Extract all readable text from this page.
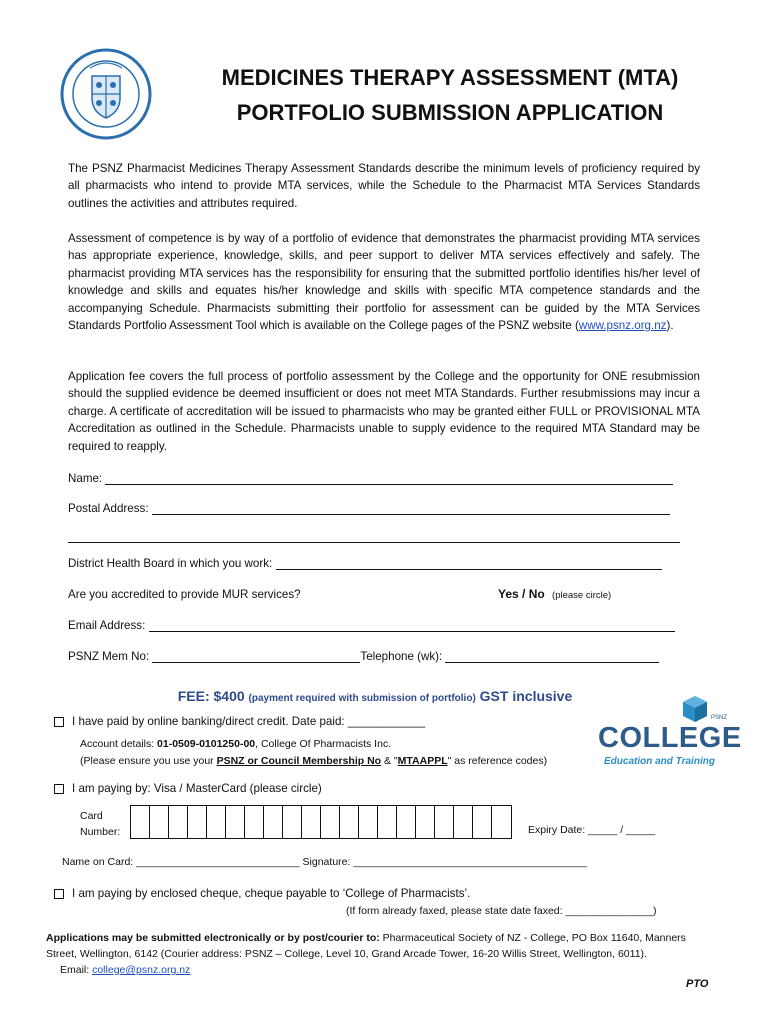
MEDICINES THERAPY ASSESSMENT (MTA)
PORTFOLIO SUBMISSION APPLICATION
The PSNZ Pharmacist Medicines Therapy Assessment Standards describe the minimum levels of proficiency required by all pharmacists who intend to provide MTA services, while the Schedule to the Pharmacist MTA Services Standards outlines the activities and attributes required.
Assessment of competence is by way of a portfolio of evidence that demonstrates the pharmacist providing MTA services has appropriate experience, knowledge, skills, and peer support to deliver MTA services effectively and safely. The pharmacist providing MTA services has the responsibility for ensuring that the submitted portfolio identifies his/her level of knowledge and skills and equates his/her knowledge and skills with specific MTA competence standards and the accompanying Schedule. Pharmacists submitting their portfolio for assessment can be guided by the MTA Services Standards Portfolio Assessment Tool which is available on the College pages of the PSNZ website (www.psnz.org.nz).
Application fee covers the full process of portfolio assessment by the College and the opportunity for ONE resubmission should the supplied evidence be deemed insufficient or does not meet MTA Standards. Further resubmissions may incur a charge. A certificate of accreditation will be issued to pharmacists who may be granted either FULL or PROVISIONAL MTA Accreditation as outlined in the Schedule. Pharmacists unable to supply evidence to the required MTA Standard may be required to reapply.
Name:
Postal Address:
District Health Board in which you work:
Are you accredited to provide MUR services?	Yes / No (please circle)
Email Address:
PSNZ Mem No:	Telephone (wk):
FEE: $400 (payment required with submission of portfolio) GST inclusive
PSNZ
COLLEGE
Education and Training
I have paid by online banking/direct credit. Date paid: ____________
Account details: 01-0509-0101250-00, College Of Pharmacists Inc.
(Please ensure you use your PSNZ or Council Membership No & "MTAAPPL" as reference codes)
I am paying by: Visa / MasterCard (please circle)
Card
Number:	Expiry Date: _____ / _____
Name on Card: ____________________________ Signature: ________________________________________
I am paying by enclosed cheque, cheque payable to ‘College of Pharmacists’.
(If form already faxed, please state date faxed: _______________)
Applications may be submitted electronically or by post/courier to: Pharmaceutical Society of NZ - College, PO Box 11640, Manners Street, Wellington, 6142 (Courier address: PSNZ – College, Level 10, Grand Arcade Tower, 16-20 Willis Street, Wellington, 6011). Email: college@psnz.org.nz
PTO
